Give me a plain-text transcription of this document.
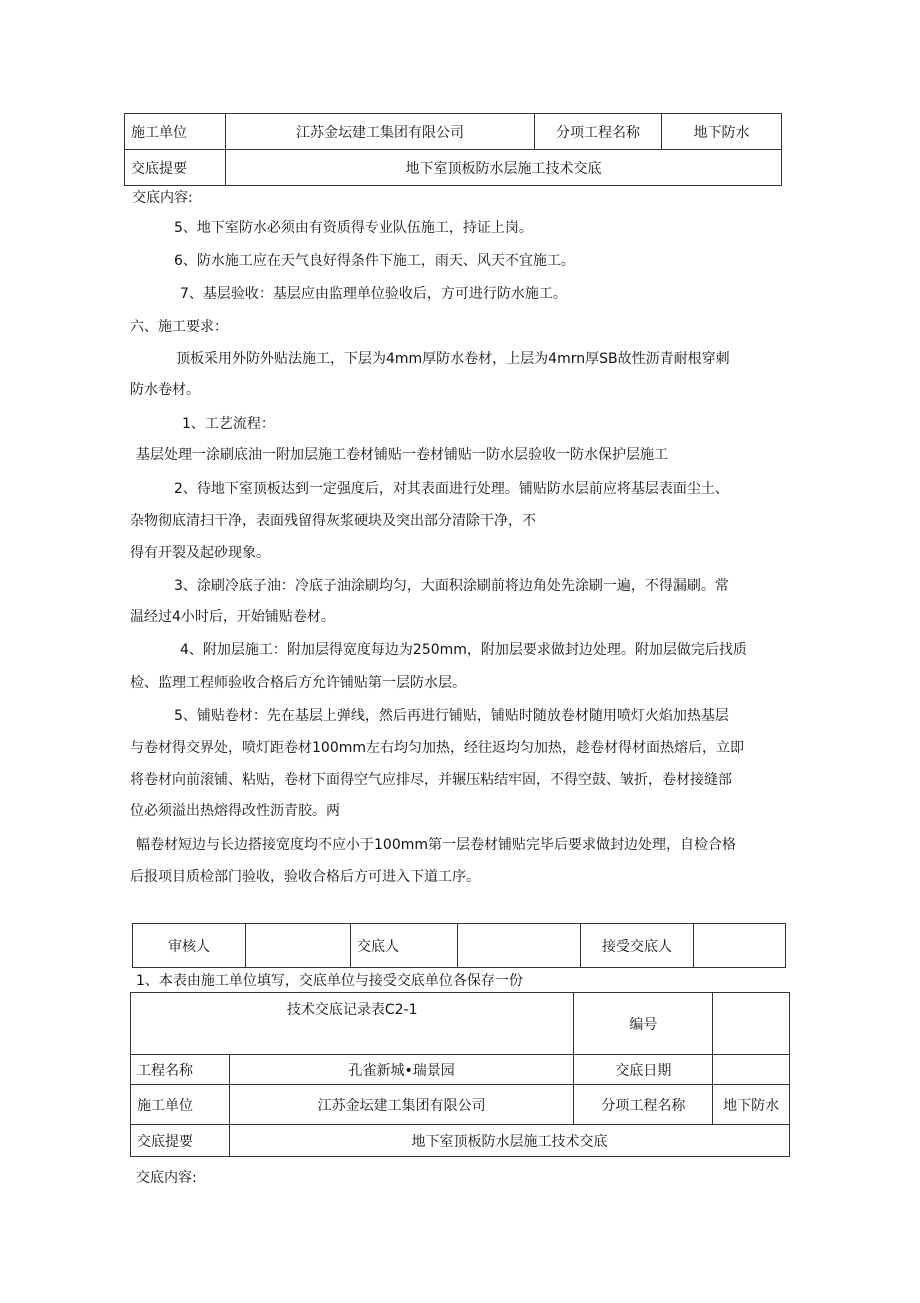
施工单位	江苏金坛建工集团有限公司	分项工程名称	地下防水
交底提要	地下室顶板防水层施工技术交底		
交底内容:
5、地下室防水必须由有资质得专业队伍施工，持证上岗。
6、防水施工应在天气良好得条件下施工，雨天、风天不宜施工。
7、基层验收：基层应由监理单位验收后，方可进行防水施工。
六、施工要求：
顶板采用外防外贴法施工，下层为4mm厚防水卷材，上层为4mrn厚SB故性沥青耐根穿刺
防水卷材。
1、工艺流程：
基层处理一涂刷底油一附加层施工卷材铺贴一卷材铺贴一防水层验收一防水保护层施工
2、待地下室顶板达到一定强度后，对其表面进行处理。铺贴防水层前应将基层表面尘土、
杂物彻底清扫干净，表面残留得灰浆硬块及突出部分清除干净，不
得有开裂及起砂现象。
3、涂刷冷底子油：冷底子油涂刷均匀，大面积涂刷前将边角处先涂刷一遍，不得漏刷。常
温经过4小时后，开始铺贴卷材。
4、附加层施工：附加层得宽度每边为250mm，附加层要求做封边处理。附加层做完后找质
检、监理工程师验收合格后方允许铺贴第一层防水层。
5、铺贴卷材：先在基层上弹线，然后再进行铺贴，铺贴时随放卷材随用喷灯火焰加热基层
与卷材得交界处，喷灯距卷材100mm左右均匀加热，经往返均匀加热，趁卷材得材面热熔后，立即
将卷材向前滚铺、粘贴，卷材下面得空气应排尽，并辗压粘结牢固，不得空鼓、皱折，卷材接缝部
位必须溢出热熔得改性沥青胶。两
幅卷材短边与长边搭接宽度均不应小于100mm第一层卷材铺贴完毕后要求做封边处理，自检合格
后报项目质检部门验收，验收合格后方可进入下道工序。
审核人		交底人		接受交底人	
1、本表由施工单位填写，交底单位与接受交底单位各保存一份
技术交底记录表C2-1		编号	
工程名称	孔雀新城•瑞景园	交底日期	
施工单位	江苏金坛建工集团有限公司	分项工程名称	地下防水
交底提要	地下室顶板防水层施工技术交底		
交底内容:
